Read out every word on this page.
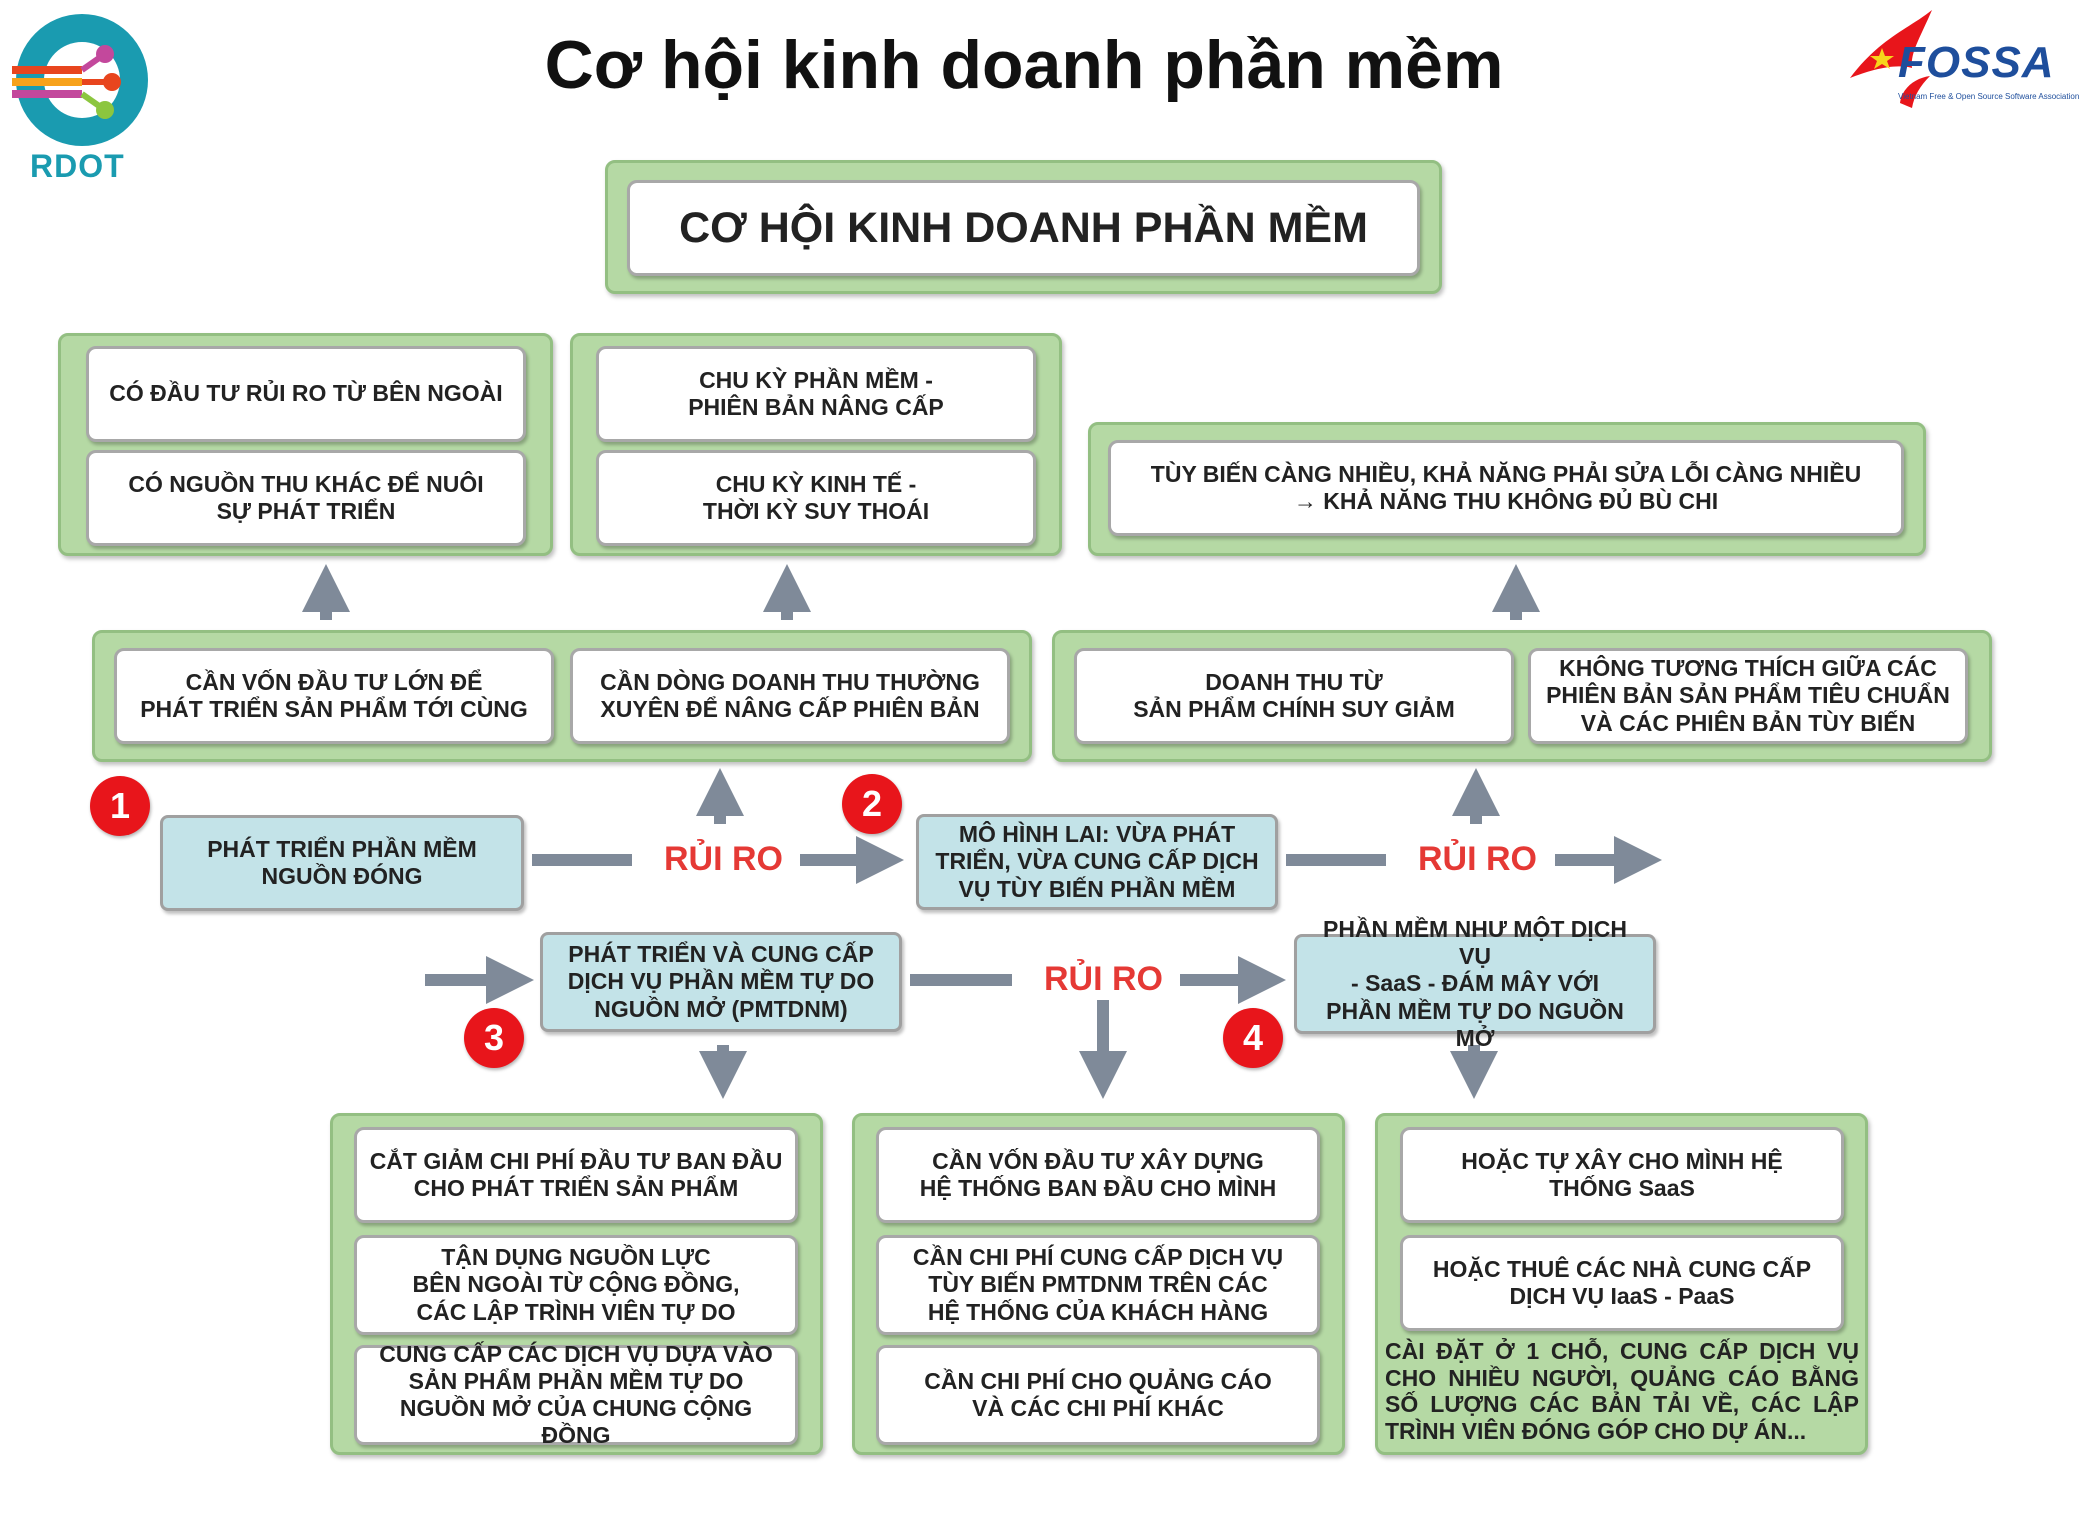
Cơ hội kinh doanh phần mềm
RDOT
FOSSA
Vietnam Free & Open Source Software Association
CƠ HỘI KINH DOANH PHẦN MỀM
CÓ ĐẦU TƯ RỦI RO TỪ BÊN NGOÀI
CÓ NGUỒN THU KHÁC ĐỂ NUÔI
SỰ PHÁT TRIỂN
CHU KỲ PHẦN MỀM -
PHIÊN BẢN NÂNG CẤP
CHU KỲ KINH TẾ -
THỜI KỲ SUY THOÁI
TÙY BIẾN CÀNG NHIỀU, KHẢ NĂNG PHẢI SỬA LỖI CÀNG NHIỀU
→ KHẢ NĂNG THU KHÔNG ĐỦ BÙ CHI
CẦN VỐN ĐẦU TƯ LỚN ĐỂ
PHÁT TRIỂN SẢN PHẨM TỚI CÙNG
CẦN DÒNG DOANH THU THƯỜNG
XUYÊN ĐỂ NÂNG CẤP PHIÊN BẢN
DOANH THU TỪ
SẢN PHẨM CHÍNH SUY GIẢM
KHÔNG TƯƠNG THÍCH GIỮA CÁC
PHIÊN BẢN SẢN PHẨM TIÊU CHUẨN
VÀ CÁC PHIÊN BẢN TÙY BIẾN
RỦI RO	RỦI RO
RỦI RO
PHÁT TRIỂN PHẦN MỀM
NGUỒN ĐÓNG
1
MÔ HÌNH LAI: VỪA PHÁT
TRIỂN, VỪA CUNG CẤP DỊCH
VỤ TÙY BIẾN PHẦN MỀM
2
PHÁT TRIỂN VÀ CUNG CẤP
DỊCH VỤ PHẦN MỀM TỰ DO
NGUỒN MỞ (PMTDNM)
3
PHẦN MỀM NHƯ MỘT DỊCH VỤ
- SaaS - ĐÁM MÂY VỚI
PHẦN MỀM TỰ DO NGUỒN MỞ
4
CẮT GIẢM CHI PHÍ ĐẦU TƯ BAN ĐẦU
CHO PHÁT TRIỂN SẢN PHẨM
TẬN DỤNG NGUỒN LỰC
BÊN NGOÀI TỪ CỘNG ĐỒNG,
CÁC LẬP TRÌNH VIÊN TỰ DO
CUNG CẤP CÁC DỊCH VỤ DỰA VÀO
SẢN PHẨM PHẦN MỀM TỰ DO
NGUỒN MỞ CỦA CHUNG CỘNG ĐỒNG
CẦN VỐN ĐẦU TƯ XÂY DỰNG
HỆ THỐNG BAN ĐẦU CHO MÌNH
CẦN CHI PHÍ CUNG CẤP DỊCH VỤ
TÙY BIẾN PMTDNM TRÊN CÁC
HỆ THỐNG CỦA KHÁCH HÀNG
CẦN CHI PHÍ CHO QUẢNG CÁO
VÀ CÁC CHI PHÍ KHÁC
HOẶC TỰ XÂY CHO MÌNH HỆ
THỐNG SaaS
HOẶC THUÊ CÁC NHÀ CUNG CẤP
DỊCH VỤ IaaS - PaaS
CÀI ĐẶT Ở 1 CHỖ, CUNG CẤP DỊCH VỤ CHO NHIỀU NGƯỜI, QUẢNG CÁO BẰNG SỐ LƯỢNG CÁC BẢN TẢI VỀ, CÁC LẬP TRÌNH VIÊN ĐÓNG GÓP CHO DỰ ÁN...
